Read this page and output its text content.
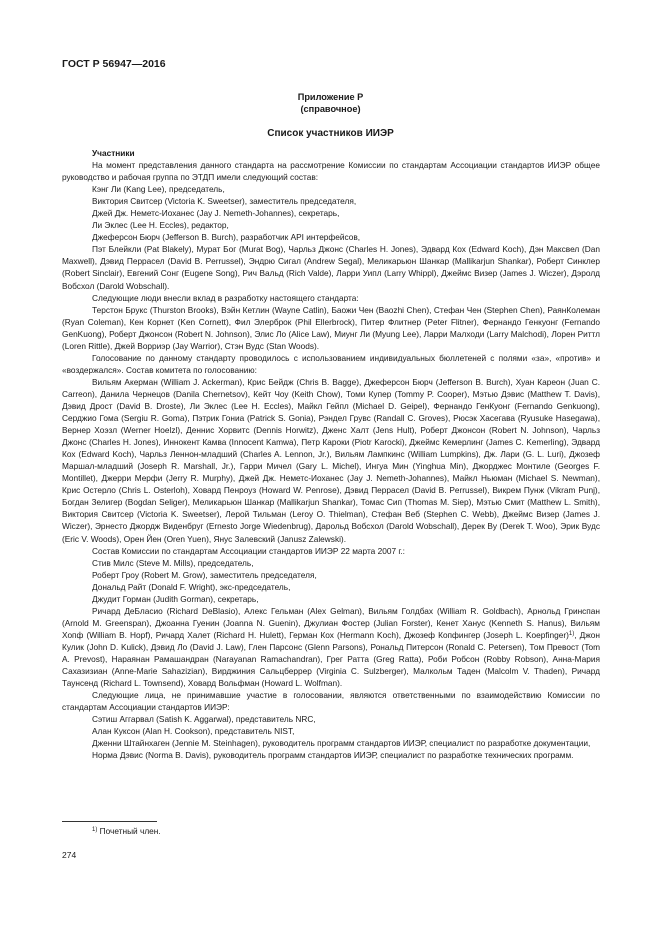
ГОСТ Р 56947—2016
Приложение Р
(справочное)
Список участников ИИЭР

Участники

На момент представления данного стандарта на рассмотрение Комиссии по стандартам Ассоциации стандартов ИИЭР общее руководство и рабочая группа по ЭТДП имели следующий состав:

Кэнг Ли (Kang Lee), председатель,

Виктория Свитсер (Victoria K. Sweetser), заместитель председателя,

Джей Дж. Неметс-Иоханес (Jay J. Nemeth-Johannes), секретарь,

Ли Эклес (Lee H. Eccles), редактор,

Джеферсон Бюрч (Jefferson B. Burch), разработчик API интерфейсов,

Пэт Блейкли (Pat Blakely), Мурат Бог (Murat Bog), Чарльз Джонс (Charles H. Jones), Эдвард Кох (Edward Koch), Дэн Максвел (Dan Maxwell), Дэвид Перрасел (David B. Perrussel), Эндрю Сигал (Andrew Segal), Меликарьюн Шанкар (Mallikarjun Shankar), Роберт Синклер (Robert Sinclair), Евгений Сонг (Eugene Song), Рич Вальд (Rich Valde), Ларри Уипл (Larry Whippl), Джеймс Визер (James J. Wiczer), Дэролд Вобсхол (Darold Wobschall).

Следующие люди внесли вклад в разработку настоящего стандарта:

Терстон Брукс (Thurston Brooks), Вэйн Кетлин (Wayne Catlin), Баожи Чен (Baozhi Chen), Стефан Чен (Stephen Chen), РаянКолеман (Ryan Coleman), Кен Корнет (Ken Cornett), Фил Элерброк (Phil Ellerbrock), Питер Флитнер (Peter Flitner), Фернандо Генкуонг (Fernando GenKuong), Роберт Джонсон (Robert N. Johnson), Элис Ло (Alice Law), Миунг Ли (Myung Lee), Ларри Малходи (Larry Malchodi), Лорен Риттл (Loren Rittle), Джей Ворриэр (Jay Warrior), Стэн Вудс (Stan Woods).

Голосование по данному стандарту проводилось с использованием индивидуальных бюллетеней с полями «за», «против» и «воздержался». Состав комитета по голосованию:

Вильям Акерман (William J. Ackerman), Крис Бейдж (Chris B. Bagge), Джеферсон Бюрч (Jefferson B. Burch), Хуан Кареон (Juan C. Carreon), Данила Чернецов (Danila Chernetsov), Кейт Чоу (Keith Chow), Томи Купер (Tommy P. Cooper), Мэтью Дэвис (Matthew T. Davis), Дэвид Дрост (David B. Droste), Ли Эклес (Lee H. Eccles), Майкл Гейпл (Michael D. Geipel), Фернандо ГенКуонг (Fernando Genkuong), Серджио Гома (Sergiu R. Goma), Пэтрик Гониа (Patrick S. Gonia), Рэндел Грувс (Randall C. Groves), Рюсэк Хасегава (Ryusuke Hasegawa), Вернер Хоэзл (Werner Hoelzl), Деннис Хорвитс (Dennis Horwitz), Дженс Халт (Jens Hult), Роберт Джонсон (Robert N. Johnson), Чарльз Джонс (Charles H. Jones), Иннокент Камва (Innocent Kamwa), Петр Кароки (Piotr Karocki), Джеймс Кемерлинг (James C. Kemerling), Эдвард Кох (Edward Koch), Чарльз Леннон-младший (Charles A. Lennon, Jr.), Вильям Лампкинс (William Lumpkins), Дж. Лари (G. L. Luri), Джозеф Маршал-младший (Joseph R. Marshall, Jr.), Гарри Мичел (Gary L. Michel), Ингуа Мин (Yinghua Min), Джорджес Монтиле (Georges F. Montillet), Джерри Мерфи (Jerry R. Murphy), Джей Дж. Неметс-Иоханес (Jay J. Nemeth-Johannes), Майкл Ньюман (Michael S. Newman), Крис Остерло (Chris L. Osterloh), Ховард Пенроуз (Howard W. Penrose), Дэвид Перрасел (David B. Perrussel), Викрем Пунж (Vikram Punj), Богдан Зелигер (Bogdan Seliger), Меликарьюн Шанкар (Mallikarjun Shankar), Томас Сип (Thomas M. Siep), Мэтью Смит (Matthew L. Smith), Виктория Свитсер (Victoria K. Sweetser), Лерой Тильман (Leroy O. Thielman), Стефан Веб (Stephen C. Webb), Джеймс Визер (James J. Wiczer), Эрнесто Джордж Виденбруг (Ernesto Jorge Wiedenbrug), Дарольд Вобсхол (Darold Wobschall), Дерек Ву (Derek T. Woo), Эрик Вудс (Eric V. Woods), Орен Йен (Oren Yuen), Янус Залевский (Janusz Zalewski).

Состав Комиссии по стандартам Ассоциации стандартов ИИЭР 22 марта 2007 г.:

Стив Милс (Steve M. Mills), председатель,

Роберт Грoу (Robert M. Grow), заместитель председателя,

Дональд Райт (Donald F. Wright), экс-председатель,

Джудит Горман (Judith Gorman), секретарь,

Ричард ДеБласио (Richard DeBlasio), Алекс Гельман (Alex Gelman), Вильям Голдбах (William R. Goldbach), Арнольд Гринспан (Arnold M. Greenspan), Джоанна Гуенин (Joanna N. Guenin), Джулиан Фостер (Julian Forster), Кенет Ханус (Kenneth S. Hanus), Вильям Хопф (William B. Hopf), Ричард Халет (Richard H. Hulett), Герман Кох (Hermann Koch), Джозеф Копфингер (Joseph L. Koepfinger)$^{1)}$, Джон Кулик (John D. Kulick), Дэвид Ло (David J. Law), Глен Парсонс (Glenn Parsons), Рональд Питерсон (Ronald C. Petersen), Том Превост (Tom A. Prevost), Нараянан Рамашандран (Narayanan Ramachandran), Грег Ратта (Greg Ratta), Роби Робсон (Robby Robson), Анна-Мария Сахазизиан (Anne-Marie Sahazizian), Вирджиния Сальцберрер (Virginia C. Sulzberger), Малкольм Таден (Malcolm V. Thaden), Ричард Таунсенд (Richard L. Townsend), Ховард Вольфман (Howard L. Wolfman).

Следующие лица, не принимавшие участие в голосовании, являются ответственными по взаимодействию Комиссии по стандартам Ассоциации стандартов ИИЭР:

Сэтиш Аггарвал (Satish K. Aggarwal), представитель NRC,

Алан Куксон (Alan H. Cookson), представитель NIST,

Дженни Штайнхаген (Jennie M. Steinhagen), руководитель программ стандартов ИИЭР, специалист по разработке документации,

Норма Дэвис (Norma B. Davis), руководитель программ стандартов ИИЭР, специалист по разработке технических программ.

$^{1)}$ Почетный член.
274
